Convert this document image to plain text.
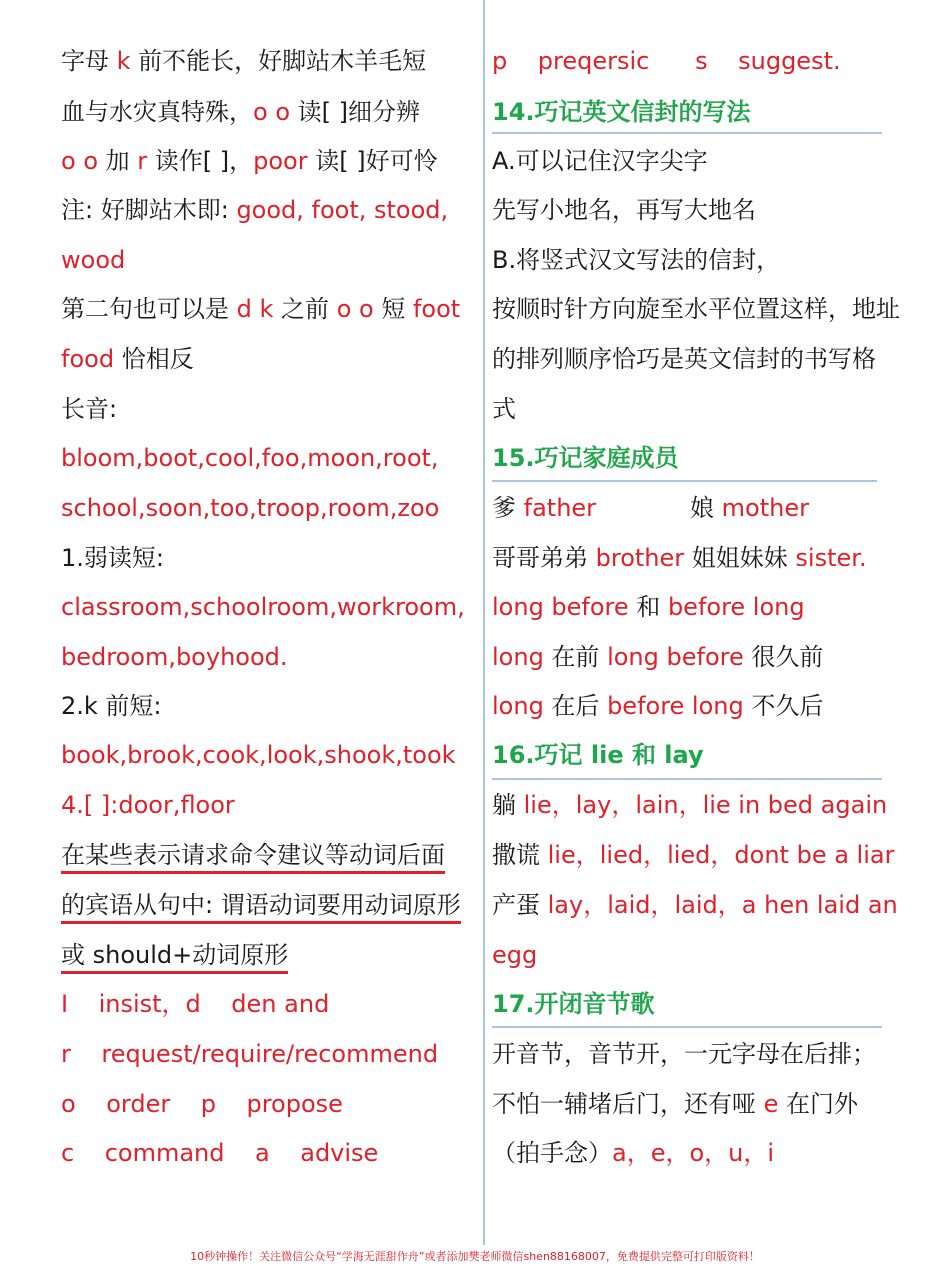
字母 k 前不能长，好脚站木羊毛短
血与水灾真特殊，o o 读[ ]细分辨
o o 加 r 读作[ ]，poor 读[ ]好可怜
注: 好脚站木即: good, foot, stood,
wood
第二句也可以是 d k 之前 o o 短 foot
food 恰相反
长音:
bloom,boot,cool,foo,moon,root,
school,soon,too,troop,room,zoo
1.弱读短:
classroom,schoolroom,workroom,
bedroom,boyhood.
2.k 前短:
book,brook,cook,look,shook,took
4.[ ]:door,floor
在某些表示请求命令建议等动词后面
的宾语从句中: 谓语动词要用动词原形
或 should+动词原形
I    insist，d    den and
r    request/require/recommend
o    order    p    propose
c    command    a    advise
p    preqersic      s    suggest.
14.巧记英文信封的写法
A.可以记住汉字尖字
先写小地名，再写大地名
B.将竖式汉文写法的信封，
按顺时针方向旋至水平位置这样，地址
的排列顺序恰巧是英文信封的书写格
式
15.巧记家庭成员
爹 father	娘 mother
哥哥弟弟 brother 姐姐妹妹 sister.
long before 和 before long
long 在前 long before 很久前
long 在后 before long 不久后
16.巧记 lie 和 lay
躺 lie，lay，lain，lie in bed again
撒谎 lie，lied，lied，dont be a liar
产蛋 lay，laid，laid，a hen laid an
egg
17.开闭音节歌
开音节，音节开，一元字母在后排；
不怕一辅堵后门，还有哑 e 在门外
（拍手念）a，e，o，u，i
10秒钟操作！关注微信公众号“学海无涯甜作舟”或者添加樊老师微信shen88168007，免费提供完整可打印版资料！
